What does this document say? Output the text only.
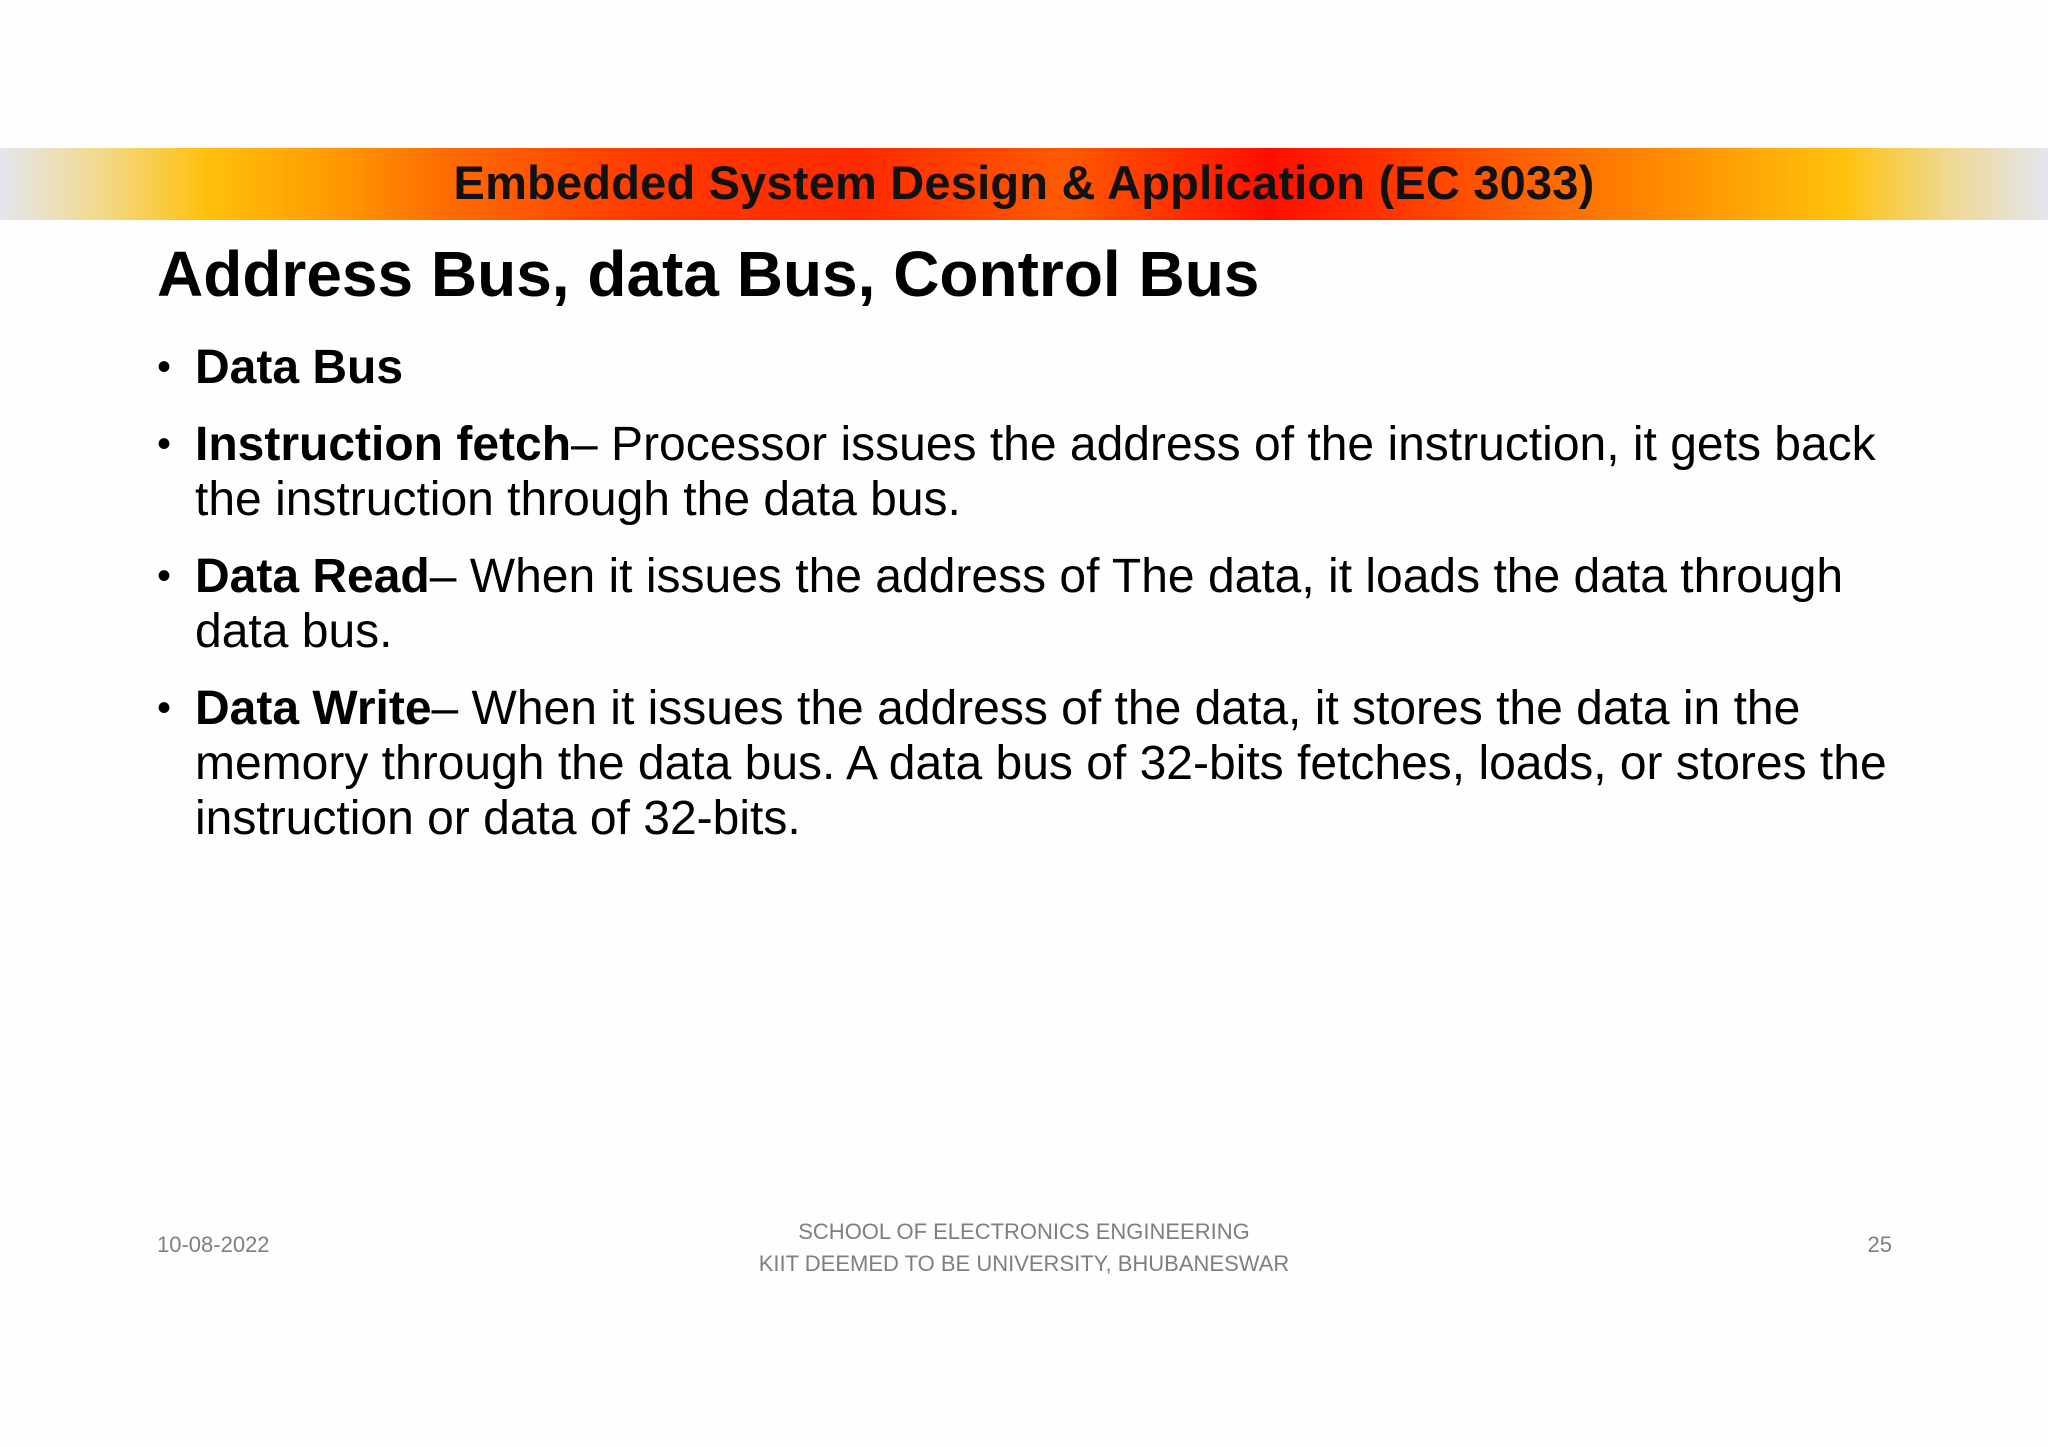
Embedded System Design & Application (EC 3033)
Address Bus, data Bus, Control Bus
• Data Bus
• Instruction fetch– Processor issues the address of the instruction, it gets back the instruction through the data bus.
• Data Read– When it issues the address of The data, it loads the data through data bus.
• Data Write– When it issues the address of the data, it stores the data in the memory through the data bus. A data bus of 32-bits fetches, loads, or stores the instruction or data of 32-bits.
10-08-2022
SCHOOL OF ELECTRONICS ENGINEERING
KIIT DEEMED TO BE UNIVERSITY, BHUBANESWAR
25
